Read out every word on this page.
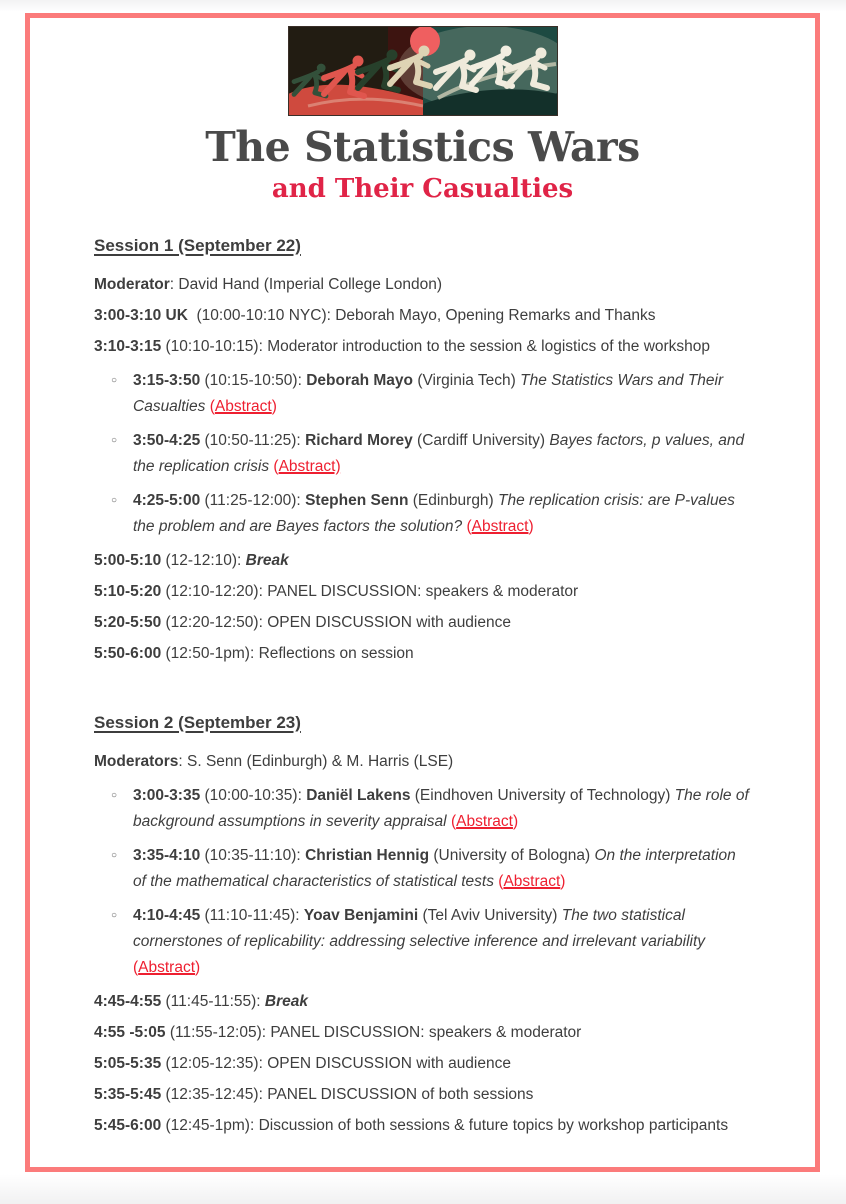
The Statistics Wars
and Their Casualties
Session 1 (September 22)

Moderator: David Hand (Imperial College London)

3:00-3:10 UK  (10:00-10:10 NYC): Deborah Mayo, Opening Remarks and Thanks

3:10-3:15 (10:10-10:15): Moderator introduction to the session & logistics of the workshop

○	3:15-3:50 (10:15-10:50): Deborah Mayo (Virginia Tech) The Statistics Wars and Their Casualties (Abstract)
○	3:50-4:25 (10:50-11:25): Richard Morey (Cardiff University) Bayes factors, p values, and the replication crisis (Abstract)
○	4:25-5:00 (11:25-12:00): Stephen Senn (Edinburgh) The replication crisis: are P-values the problem and are Bayes factors the solution? (Abstract)

5:00-5:10 (12-12:10): Break

5:10-5:20 (12:10-12:20): PANEL DISCUSSION: speakers & moderator

5:20-5:50 (12:20-12:50): OPEN DISCUSSION with audience

5:50-6:00 (12:50-1pm): Reflections on session

Session 2 (September 23)

Moderators: S. Senn (Edinburgh) & M. Harris (LSE)

○	3:00-3:35 (10:00-10:35): Daniël Lakens (Eindhoven University of Technology) The role of background assumptions in severity appraisal (Abstract)
○	3:35-4:10 (10:35-11:10): Christian Hennig (University of Bologna) On the interpretation of the mathematical characteristics of statistical tests (Abstract)
○	4:10-4:45 (11:10-11:45): Yoav Benjamini (Tel Aviv University) The two statistical cornerstones of replicability: addressing selective inference and irrelevant variability (Abstract)

4:45-4:55 (11:45-11:55): Break

4:55 -5:05 (11:55-12:05): PANEL DISCUSSION: speakers & moderator

5:05-5:35 (12:05-12:35): OPEN DISCUSSION with audience

5:35-5:45 (12:35-12:45): PANEL DISCUSSION of both sessions

5:45-6:00 (12:45-1pm): Discussion of both sessions & future topics by workshop participants
